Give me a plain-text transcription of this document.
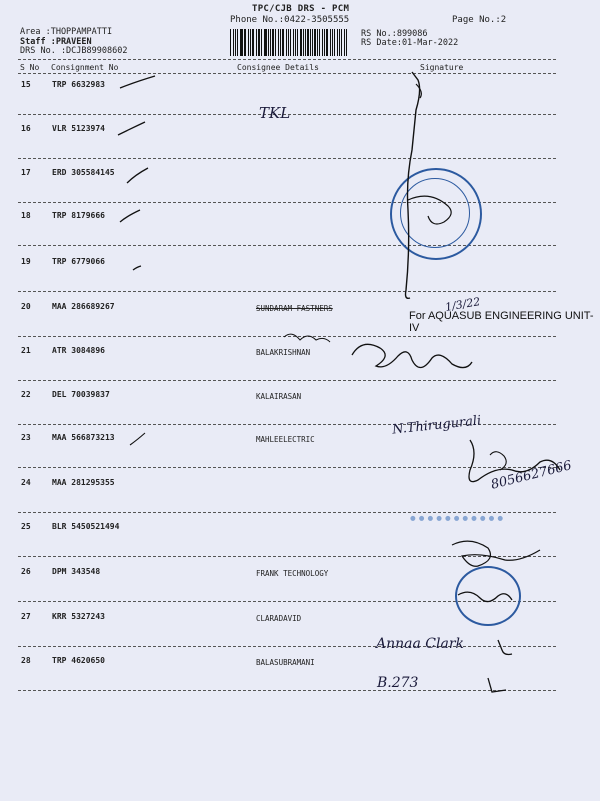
TPC/CJB DRS - PCM
Phone No.:0422-3505555	Page No.:2
Area :THOPPAMPATTI
Staff :PRAVEEN
DRS No. :DCJB89908602
RS No.:899086
RS Date:01-Mar-2022
S No Consignment No	Consignee Details	Signature
15	TRP 6632983
16	VLR 5123974
17	ERD 305584145
18	TRP 8179666
19	TRP 6779066
20	MAA 286689267	SUNDARAM FASTNERS
21	ATR 3084896	BALAKRISHNAN
22	DEL 70039837	KALAIRASAN
23	MAA 566873213	MAHLEELECTRIC
24	MAA 281295355
25	BLR 5450521494
26	DPM 343548	FRANK TECHNOLOGY
27	KRR 5327243	CLARADAVID
28	TRP 4620650	BALASUBRAMANI
TKL
For AQUASUB ENGINEERING UNIT-IV
1/3/22
N.Thirugurali
8056627666
● ● ● ● ● ● ● ● ● ● ●
Annaa Clark
B.273
